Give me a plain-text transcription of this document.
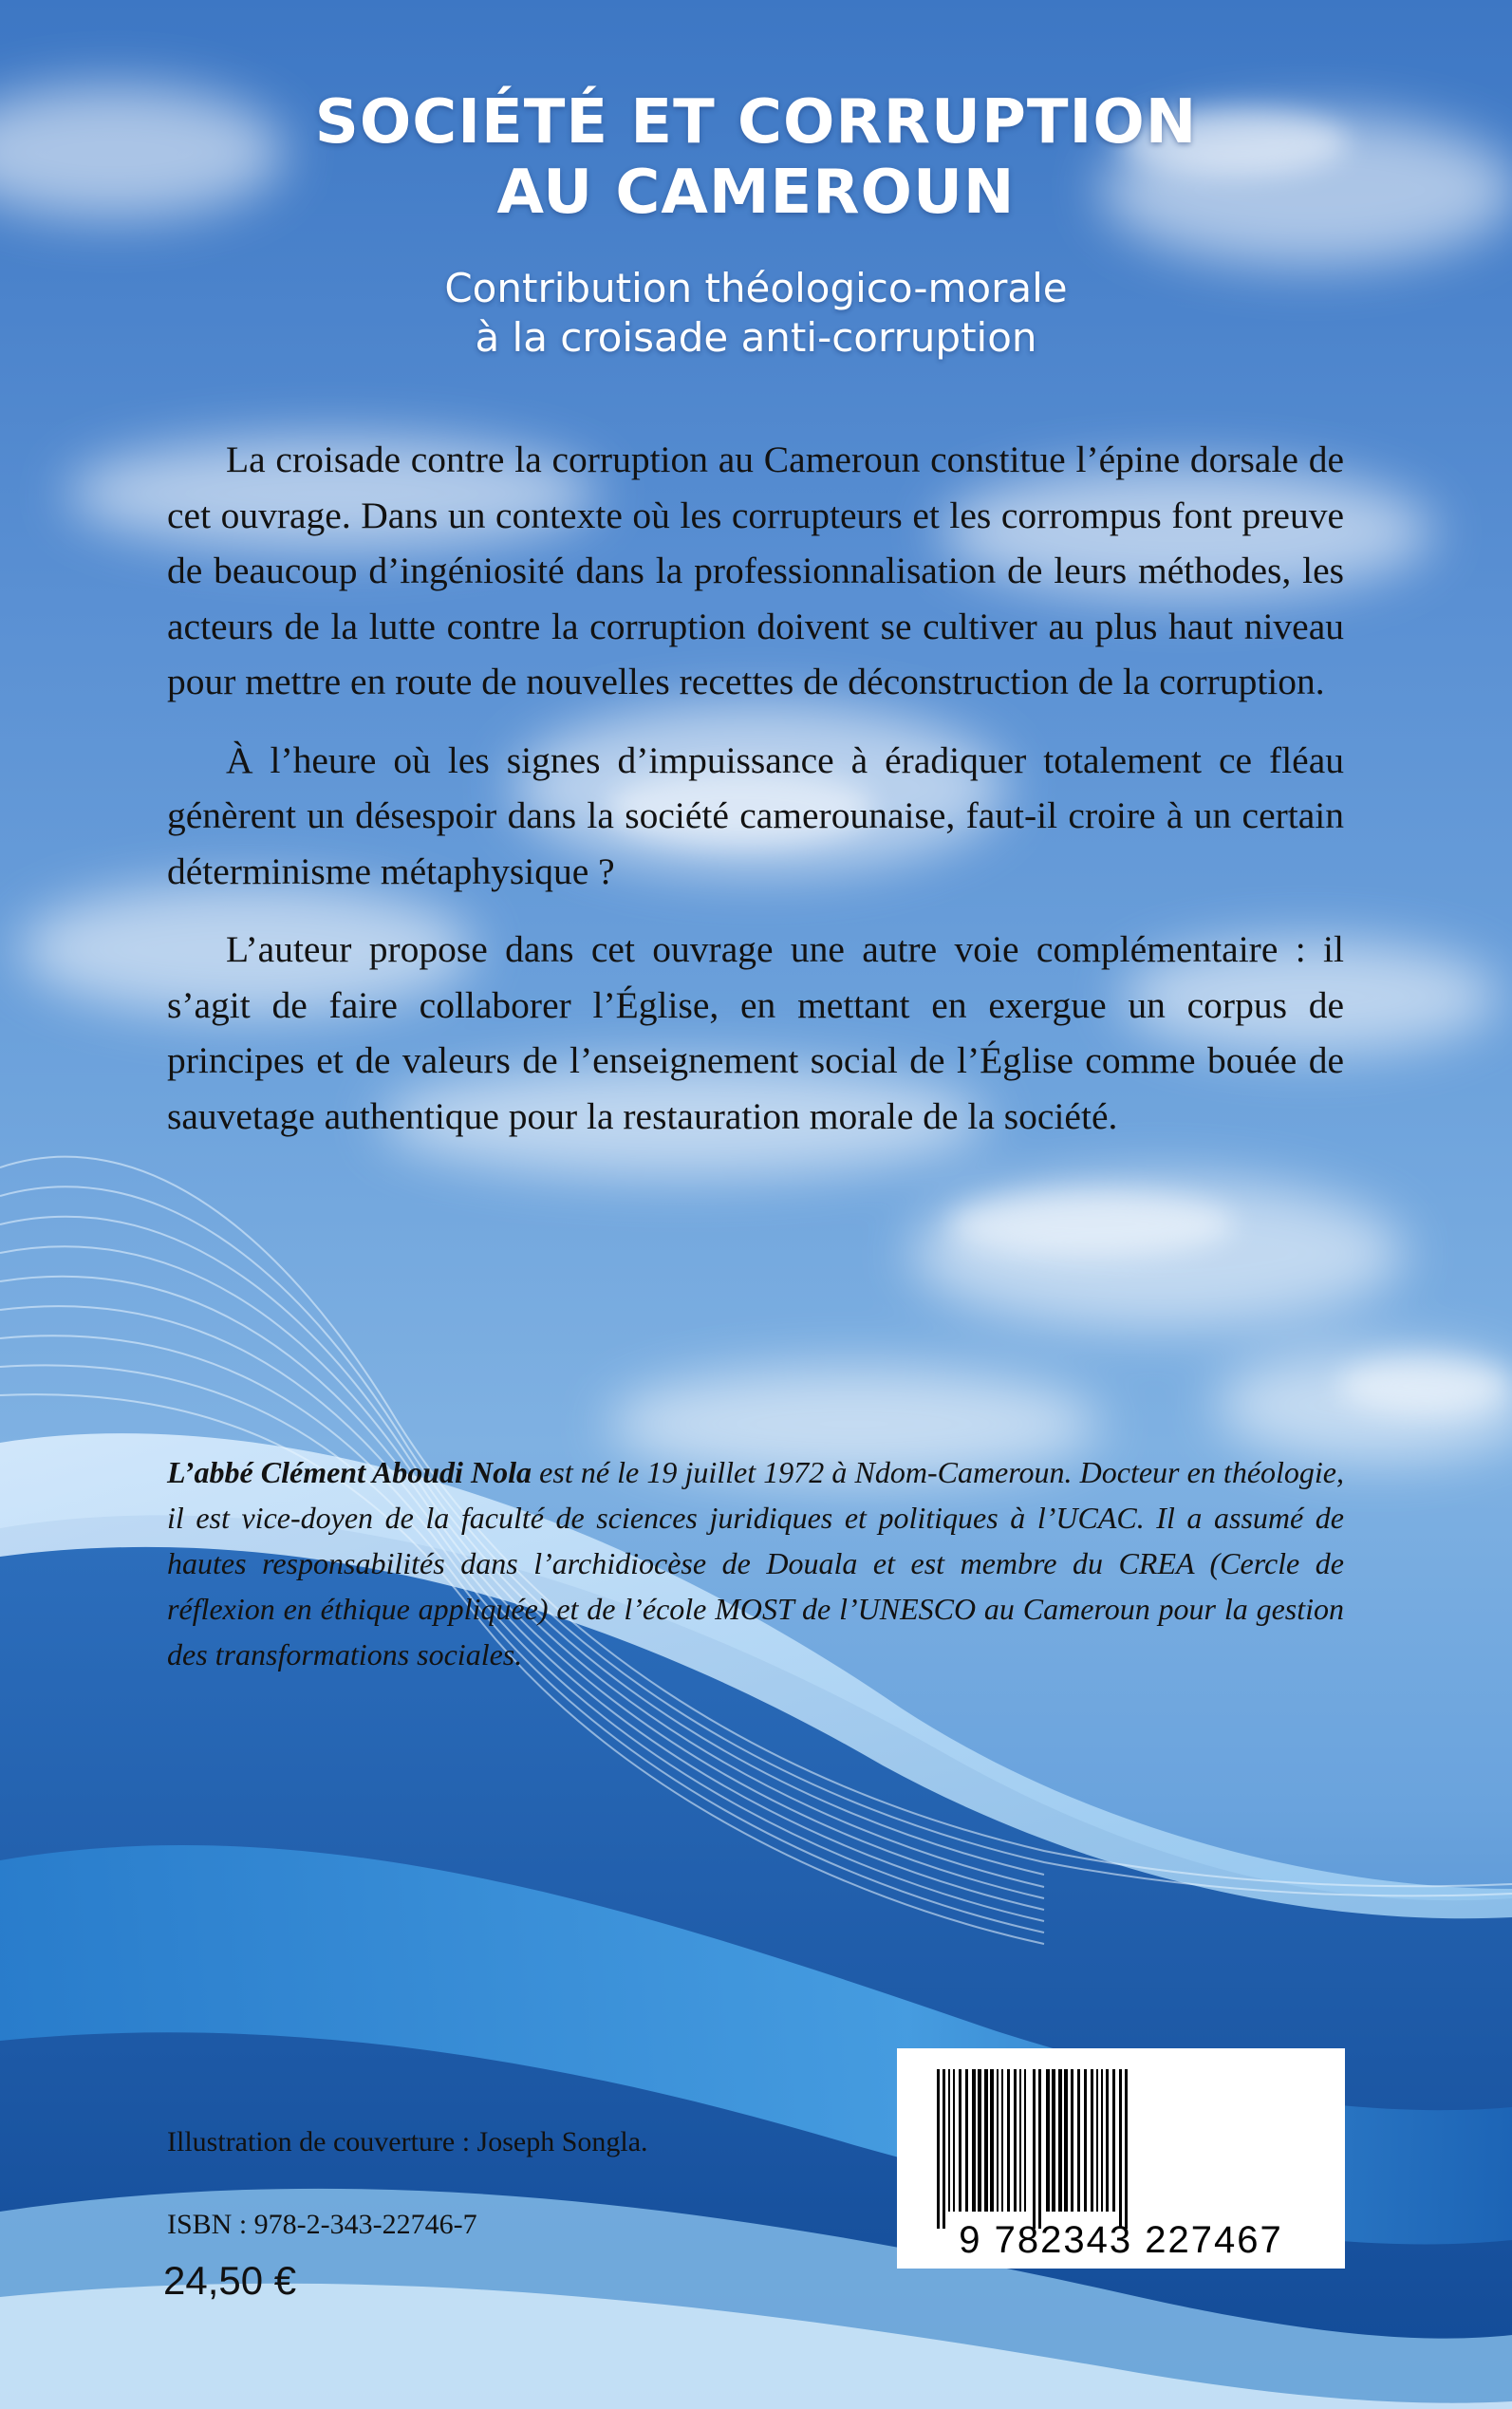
SOCIÉTÉ ET CORRUPTION
AU CAMEROUN
Contribution théologico-morale
à la croisade anti-corruption

La croisade contre la corruption au Cameroun constitue l’épine dorsale de cet ouvrage. Dans un contexte où les corrupteurs et les corrompus font preuve de beaucoup d’ingéniosité dans la professionnalisation de leurs méthodes, les acteurs de la lutte contre la corruption doivent se cultiver au plus haut niveau pour mettre en route de nouvelles recettes de déconstruction de la corruption.

À l’heure où les signes d’impuissance à éradiquer totalement ce fléau génèrent un désespoir dans la société camerounaise, faut-il croire à un certain déterminisme métaphysique ?

L’auteur propose dans cet ouvrage une autre voie complémentaire : il s’agit de faire collaborer l’Église, en mettant en exergue un corpus de principes et de valeurs de l’enseignement social de l’Église comme bouée de sauvetage authentique pour la restauration morale de la société.

L’abbé Clément Aboudi Nola est né le 19 juillet 1972 à Ndom-Cameroun. Docteur en théologie, il est vice-doyen de la faculté de sciences juridiques et politiques à l’UCAC. Il a assumé de hautes responsabilités dans l’archidiocèse de Douala et est membre du CREA (Cercle de réflexion en éthique appliquée) et de l’école MOST de l’UNESCO au Cameroun pour la gestion des transformations sociales.

Illustration de couverture : Joseph Songla.

ISBN : 978-2-343-22746-7

24,50 €

9 782343 227467
